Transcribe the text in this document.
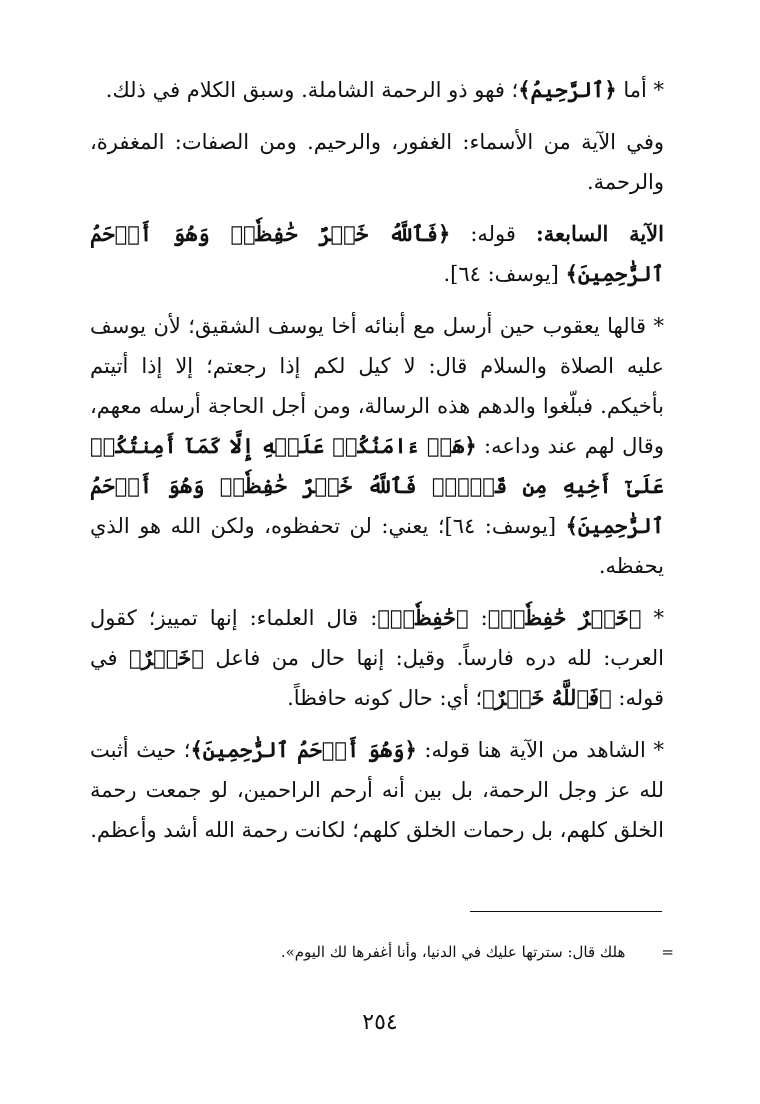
* أما ﴿ٱلرَّحِيمُ﴾؛ فهو ذو الرحمة الشاملة. وسبق الكلام في ذلك.

وفي الآية من الأسماء: الغفور، والرحيم. ومن الصفات: المغفرة، والرحمة.

الآية السابعة: قوله: ﴿فَٱللَّهُ خَيۡرٌ حَٰفِظٗاۖ وَهُوَ أَرۡحَمُ ٱلرَّٰحِمِينَ﴾ [يوسف: ٦٤].

* قالها يعقوب حين أرسل مع أبنائه أخا يوسف الشقيق؛ لأن يوسف عليه الصلاة والسلام قال: لا كيل لكم إذا رجعتم؛ إلا إذا أتيتم بأخيكم. فبلّغوا والدهم هذه الرسالة، ومن أجل الحاجة أرسله معهم، وقال لهم عند وداعه: ﴿هَلۡ ءَامَنُكُمۡ عَلَيۡهِ إِلَّا كَمَآ أَمِنتُكُمۡ عَلَىٰٓ أَخِيهِ مِن قَبۡلُۖ فَٱللَّهُ خَيۡرٌ حَٰفِظٗاۖ وَهُوَ أَرۡحَمُ ٱلرَّٰحِمِينَ﴾ [يوسف: ٦٤]؛ يعني: لن تحفظوه، ولكن الله هو الذي يحفظه.

* ﴿خَيۡرٌ حَٰفِظٗاۖ﴾: ﴿حَٰفِظٗاۖ﴾: قال العلماء: إنها تمييز؛ كقول العرب: لله دره فارساً. وقيل: إنها حال من فاعل ﴿خَيۡرٌ﴾ في قوله: ﴿فَٱللَّهُ خَيۡرٌ﴾؛ أي: حال كونه حافظاً.

* الشاهد من الآية هنا قوله: ﴿وَهُوَ أَرۡحَمُ ٱلرَّٰحِمِينَ﴾؛ حيث أثبت لله عز وجل الرحمة، بل بين أنه أرحم الراحمين، لو جمعت رحمة الخلق كلهم، بل رحمات الخلق كلهم؛ لكانت رحمة الله أشد وأعظم.

=هلك قال: سترتها عليك في الدنيا، وأنا أغفرها لك اليوم».
٢٥٤
